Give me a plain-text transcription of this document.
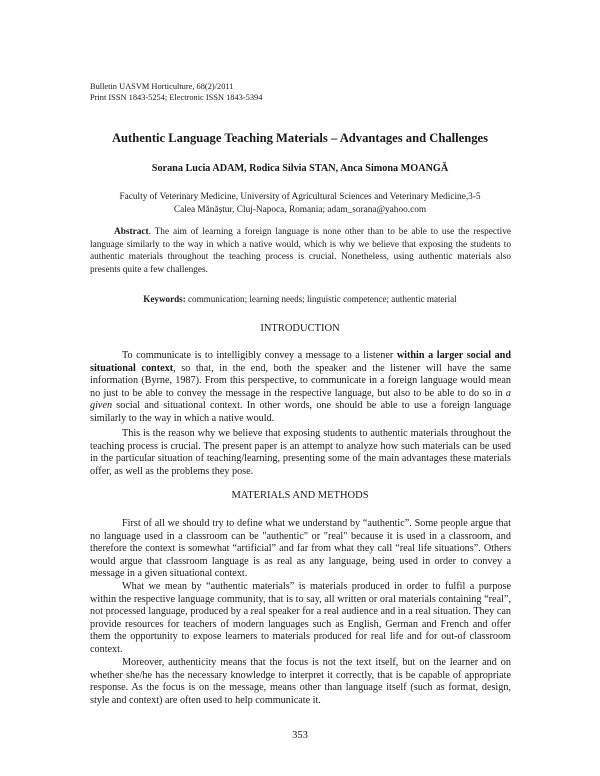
Bulletin UASVM Horticulture, 68(2)/2011
Print ISSN 1843-5254; Electronic ISSN 1843-5394
Authentic Language Teaching Materials – Advantages and Challenges
Sorana Lucia ADAM, Rodica Silvia STAN, Anca Simona MOANGĂ
Faculty of Veterinary Medicine, University of Agricultural Sciences and Veterinary Medicine,3-5
Calea Mănăștur, Cluj-Napoca, Romania; adam_sorana@yahoo.com

Abstract. The aim of learning a foreign language is none other than to be able to use the respective language similarly to the way in which a native would, which is why we believe that exposing the students to authentic materials throughout the teaching process is crucial. Nonetheless, using authentic materials also presents quite a few challenges.

Keywords: communication; learning needs; linguistic competence; authentic material
INTRODUCTION

To communicate is to intelligibly convey a message to a listener within a larger social and situational context, so that, in the end, both the speaker and the listener will have the same information (Byrne, 1987). From this perspective, to communicate in a foreign language would mean no just to be able to convey the message in the respective language, but also to be able to do so in a given social and situational context. In other words, one should be able to use a foreign language similarly to the way in which a native would.

This is the reason why we believe that exposing students to authentic materials throughout the teaching process is crucial. The present paper is an attempt to analyze how such materials can be used in the particular situation of teaching/learning, presenting some of the main advantages these materials offer, as well as the problems they pose.

MATERIALS AND METHODS

First of all we should try to define what we understand by “authentic”. Some people argue that no language used in a classroom can be "authentic" or "real" because it is used in a classroom, and therefore the context is somewhat “artificial” and far from what they call “real life situations”. Others would argue that classroom language is as real as any language, being used in order to convey a message in a given situational context.

What we mean by “authentic materials” is materials produced in order to fulfil a purpose within the respective language community, that is to say, all written or oral materials containing “real”, not processed language, produced by a real speaker for a real audience and in a real situation. They can provide resources for teachers of modern languages such as English, German and French and offer them the opportunity to expose learners to materials produced for real life and for out-of classroom context.

Moreover, authenticity means that the focus is not the text itself, but on the learner and on whether she/he has the necessary knowledge to interpret it correctly, that is be capable of appropriate response. As the focus is on the message, means other than language itself (such as format, design, style and context) are often used to help communicate it.

353
